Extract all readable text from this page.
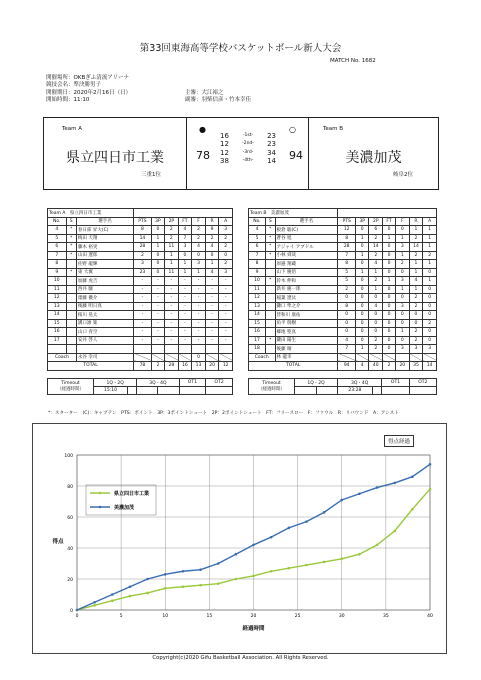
第33回東海高等学校バスケットボール新人大会
MATCH No. 1682
開催場所：OKBぎふ清流アリーナ
競技会名：準決勝男子
開催期日：2020年2月16日（日）
開始時間：11:10
主審：大江裕之
副審：羽柴信彦・竹本幸佳
Team A
県立四日市工業
三重1位
●
78
16	-1st- 23
12	-2nd- 23
12	-3rd- 34
38	-4th- 14
○
94
Team B
美濃加茂
岐阜2位
Team A　 県立四日市工業									
No.	S	選手名	PTS	3P	2P	FT	F	R	A
4	*	春日部 昇大(C)	8	0	2	4	2	9	3
5	*	梅田 天翔	14	1	2	7	2	2	2
6	*	藤木 裕実	28	1	11	3	4	4	2
7	*	山田 遼郎	2	0	1	0	0	0	0
8		佐野 龍輝	3	0	1	1	3	1	2
9	*	東 大翼	23	0	11	1	1	4	3
10		加藤 虎吉	-	-	-	-	-	-	-
11		西井 駿	-	-	-	-	-	-	-
12		齋藤 優介	-	-	-	-	-	-	-
13		後藤 明日真	-	-	-	-	-	-	-
14		桜川 晃太	-	-	-	-	-	-	-
15		溝口凛 楽	-	-	-	-	-	-	-
16		山口 青空	-	-	-	-	-	-	-
17		安井 啓人	-	-	-	-	-	-	-

Coach		永谷 幸司					0		
TOTAL			78	2	28	16	13	20	12
Team B　 美濃加茂									
No.	S	選手名	PTS	3P	2P	FT	F	R	A
4	*	板倉 聡(C)	12	0	6	0	0	1	1
5	*	蒼谷 旭	8	1	2	1	1	2	1
6	*	アジャイ アブドル	28	0	14	0	3	14	1
7	*	小林 舜哉	7	1	2	0	1	2	2
8		原邉 翔蔵	8	0	4	0	2	1	1
9		山下 慶悟	5	1	1	0	0	1	0
10	*	鈴木 伸和	5	0	2	1	3	4	1
11		新井 慶一郎	2	0	1	0	1	1	0
12		稲葉 遼汰	0	0	0	0	0	2	0
13		鎌口 隼之介	8	0	4	0	3	2	0
14		皆和川 康佑	0	0	0	0	0	0	0
15		角平 瑞樹	0	0	0	0	0	0	2
16		郷地 聖真	0	0	0	0	1	2	0
17	*	鎌田 陽生	4	0	2	0	0	2	0
18		後藤 晴	7	1	2	0	3	3	3
Coach		林 龍幸							
TOTAL			94	4	40	2	20	35	14
Timeout
（経過時間）	1Q・2Q		3Q・4Q		OT1	OT2
	15:10					
Timeout
（経過時間）	1Q・2Q		3Q・4Q		OT1	OT2
			23:28			
*：スターター　(C)：キャプテン　PTS：ポイント　3P：3ポイントシュート　2P：2ポイントシュート　FT：フリースロー　F：ファウル　R：リバウンド　A：アシスト
得点経過
0
20
40
60
80
100
0	5	10	15	20	25	30	35	40
経過時間
得点
県立四日市工業
美濃加茂
Copyright(c)2020 Gifu Basketball Association. All Rights Reserved.
